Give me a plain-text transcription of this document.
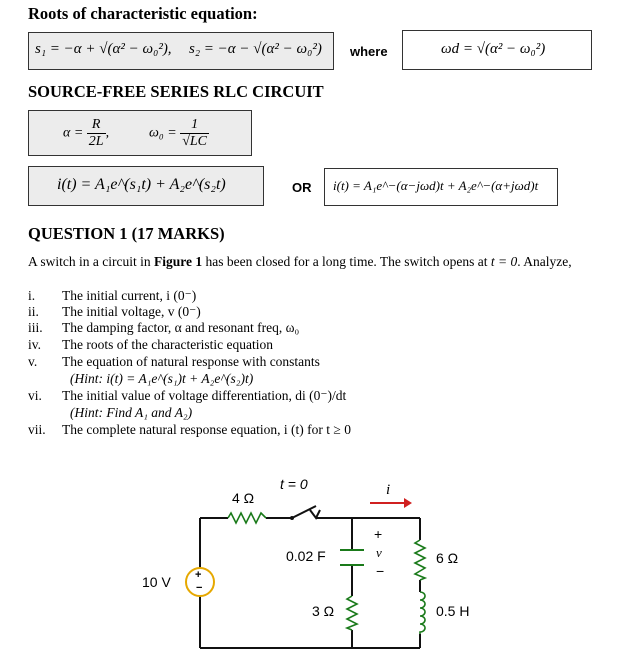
Roots of characteristic equation:
s₁ = −α + √(α² − ω₀²), s₂ = −α − √(α² − ω₀²) where	ωd = √(α² − ω₀²)
SOURCE-FREE SERIES RLC CIRCUIT
$\alpha = \frac{R}{2L}$ ,	$\omega_0 = \frac{1}{√LC}$
i(t) = A₁e^(s₁t) + A₂e^(s₂t)	OR i(t) = A₁e^−(α−jωd)t + A₂e^−(α+jωd)t
QUESTION 1 (17 MARKS)
A switch in a circuit in Figure 1 has been closed for a long time. The switch opens at t = 0. Analyze,
i. The initial current, i (0⁻)
ii. The initial voltage, v (0⁻)
iii. The damping factor, α and resonant freq, ω₀
iv. The roots of the characteristic equation
v. The equation of natural response with constants
(Hint: i(t) = A₁e^(s₁)t + A₂e^(s₂)t)
vi. The initial value of voltage differentiation, di (0⁻)/dt
(Hint: Find A₁ and A₂)
vii. The complete natural response equation, i (t) for t ≥ 0
t = 0
4 Ω
10 V +
−
0.02 F
3 Ω
+
v
−
i
6 Ω
0.5 H
